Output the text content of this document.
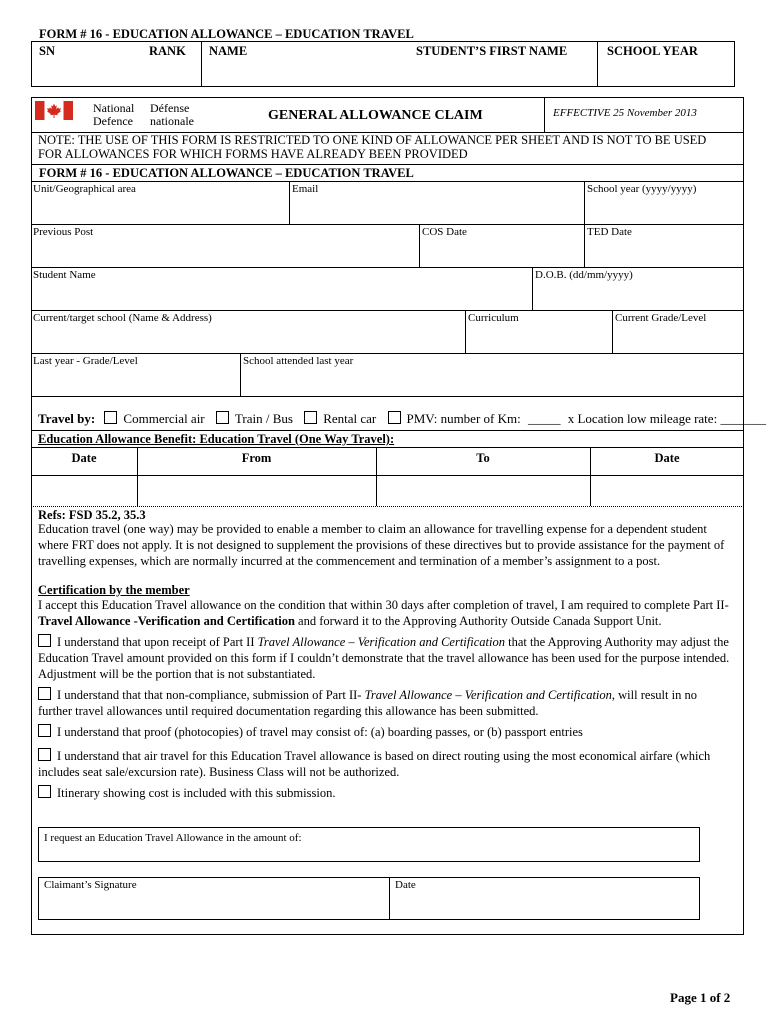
FORM # 16 - EDUCATION ALLOWANCE – EDUCATION TRAVEL
SN	RANK NAME	STUDENT’S FIRST NAME	SCHOOL YEAR
National
Defence
Défense
nationale	GENERAL ALLOWANCE CLAIM	EFFECTIVE 25 November 2013
NOTE: THE USE OF THIS FORM IS RESTRICTED TO ONE KIND OF ALLOWANCE PER SHEET AND IS NOT TO BE USED
FOR ALLOWANCES FOR WHICH FORMS HAVE ALREADY BEEN PROVIDED
FORM # 16 - EDUCATION ALLOWANCE – EDUCATION TRAVEL
Unit/Geographical area	Email	School year (yyyy/yyyy)
Previous Post	COS Date	TED Date
Student Name	D.O.B. (dd/mm/yyyy)
Current/target school (Name & Address)	Curriculum	Current Grade/Level
Last year - Grade/Level	School attended last year
Travel by: Commercial air Train / Bus Rental car PMV: number of Km: _____ x Location low mileage rate: _______
Education Allowance Benefit: Education Travel (One Way Travel):
Date	From	To	Date
Refs: FSD 35.2, 35.3
Education travel (one way) may be provided to enable a member to claim an allowance for travelling expense for a dependent student
where FRT does not apply. It is not designed to supplement the provisions of these directives but to provide assistance for the payment of
travelling expenses, which are normally incurred at the commencement and termination of a member’s assignment to a post.
Certification by the member
I accept this Education Travel allowance on the condition that within 30 days after completion of travel, I am required to complete Part II-
Travel Allowance -Verification and Certification and forward it to the Approving Authority Outside Canada Support Unit.
I understand that upon receipt of Part II Travel Allowance – Verification and Certification that the Approving Authority may adjust the
Education Travel amount provided on this form if I couldn’t demonstrate that the travel allowance has been used for the purpose intended.
Adjustment will be the portion that is not substantiated.
I understand that that non-compliance, submission of Part II- Travel Allowance – Verification and Certification, will result in no
further travel allowances until required documentation regarding this allowance has been submitted.
I understand that proof (photocopies) of travel may consist of: (a) boarding passes, or (b) passport entries
I understand that air travel for this Education Travel allowance is based on direct routing using the most economical airfare (which
includes seat sale/excursion rate). Business Class will not be authorized.
Itinerary showing cost is included with this submission.
I request an Education Travel Allowance in the amount of:
Claimant’s Signature	Date
Page 1 of 2
